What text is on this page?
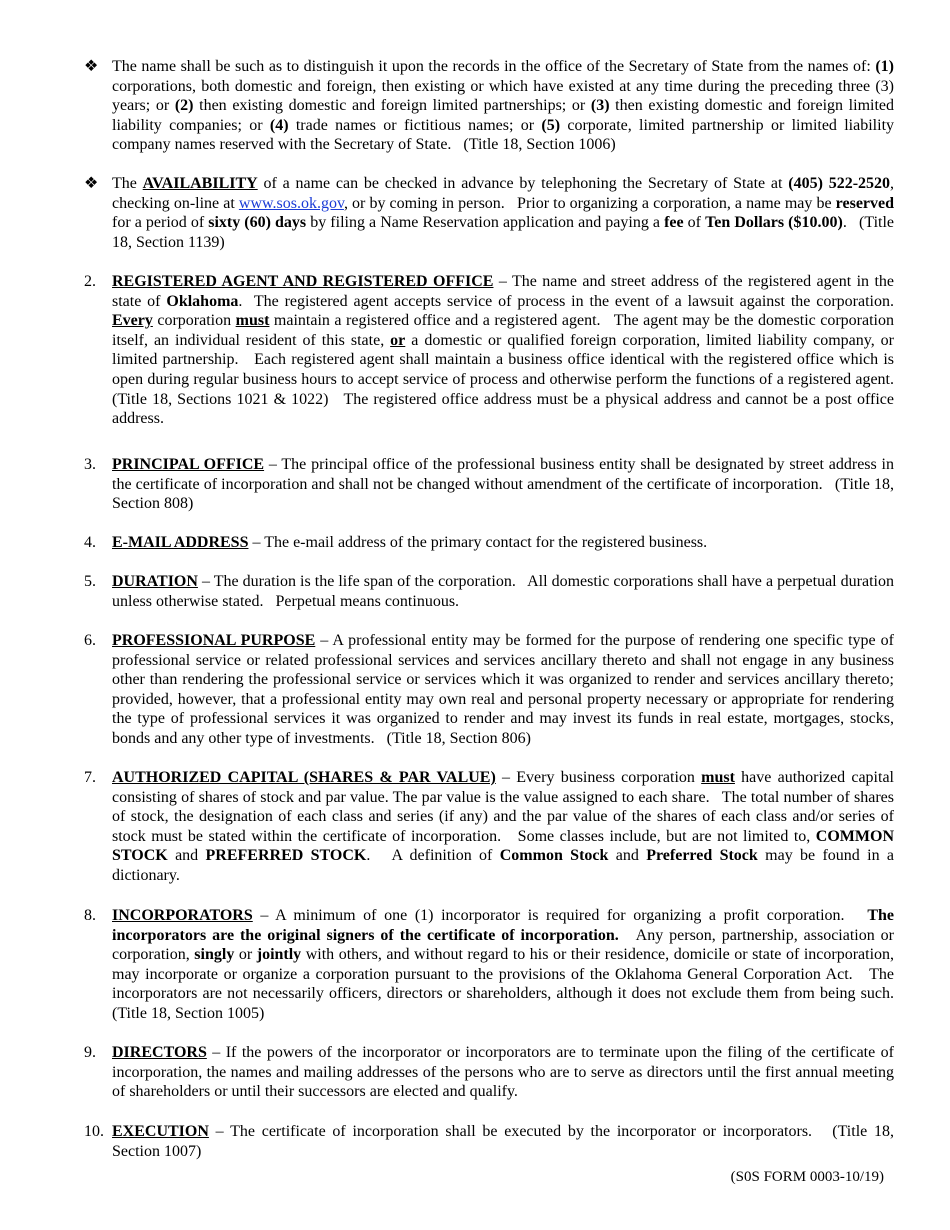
❖ The name shall be such as to distinguish it upon the records in the office of the Secretary of State from the names of: (1) corporations, both domestic and foreign, then existing or which have existed at any time during the preceding three (3) years; or (2) then existing domestic and foreign limited partnerships; or (3) then existing domestic and foreign limited liability companies; or (4) trade names or fictitious names; or (5) corporate, limited partnership or limited liability company names reserved with the Secretary of State.   (Title 18, Section 1006)
❖ The AVAILABILITY of a name can be checked in advance by telephoning the Secretary of State at (405) 522-2520, checking on-line at www.sos.ok.gov, or by coming in person.   Prior to organizing a corporation, a name may be reserved for a period of sixty (60) days by filing a Name Reservation application and paying a fee of Ten Dollars ($10.00).   (Title 18, Section 1139)
2.	REGISTERED AGENT AND REGISTERED OFFICE – The name and street address of the registered agent in the state of Oklahoma.  The registered agent accepts service of process in the event of a lawsuit against the corporation.  Every corporation must maintain a registered office and a registered agent.   The agent may be the domestic corporation itself, an individual resident of this state, or a domestic or qualified foreign corporation, limited liability company, or limited partnership.   Each registered agent shall maintain a business office identical with the registered office which is open during regular business hours to accept service of process and otherwise perform the functions of a registered agent.   (Title 18, Sections 1021 & 1022)   The registered office address must be a physical address and cannot be a post office address.
3.	PRINCIPAL OFFICE – The principal office of the professional business entity shall be designated by street address in the certificate of incorporation and shall not be changed without amendment of the certificate of incorporation.   (Title 18, Section 808)
4.	E-MAIL ADDRESS – The e-mail address of the primary contact for the registered business.
5.	DURATION – The duration is the life span of the corporation.   All domestic corporations shall have a perpetual duration unless otherwise stated.   Perpetual means continuous.
6.	PROFESSIONAL PURPOSE – A professional entity may be formed for the purpose of rendering one specific type of professional service or related professional services and services ancillary thereto and shall not engage in any business other than rendering the professional service or services which it was organized to render and services ancillary thereto; provided, however, that a professional entity may own real and personal property necessary or appropriate for rendering the type of professional services it was organized to render and may invest its funds in real estate, mortgages, stocks, bonds and any other type of investments.   (Title 18, Section 806)
7.	AUTHORIZED CAPITAL (SHARES & PAR VALUE) – Every business corporation must have authorized capital consisting of shares of stock and par value. The par value is the value assigned to each share.   The total number of shares of stock, the designation of each class and series (if any) and the par value of the shares of each class and/or series of stock must be stated within the certificate of incorporation.   Some classes include, but are not limited to, COMMON STOCK and PREFERRED STOCK.   A definition of Common Stock and Preferred Stock may be found in a dictionary.
8.	INCORPORATORS – A minimum of one (1) incorporator is required for organizing a profit corporation.   The incorporators are the original signers of the certificate of incorporation.   Any person, partnership, association or corporation, singly or jointly with others, and without regard to his or their residence, domicile or state of incorporation, may incorporate or organize a corporation pursuant to the provisions of the Oklahoma General Corporation Act.   The incorporators are not necessarily officers, directors or shareholders, although it does not exclude them from being such.   (Title 18, Section 1005)
9.	DIRECTORS – If the powers of the incorporator or incorporators are to terminate upon the filing of the certificate of incorporation, the names and mailing addresses of the persons who are to serve as directors until the first annual meeting of shareholders or until their successors are elected and qualify.
10. EXECUTION – The certificate of incorporation shall be executed by the incorporator or incorporators.   (Title 18, Section 1007)
(S0S FORM 0003-10/19)
